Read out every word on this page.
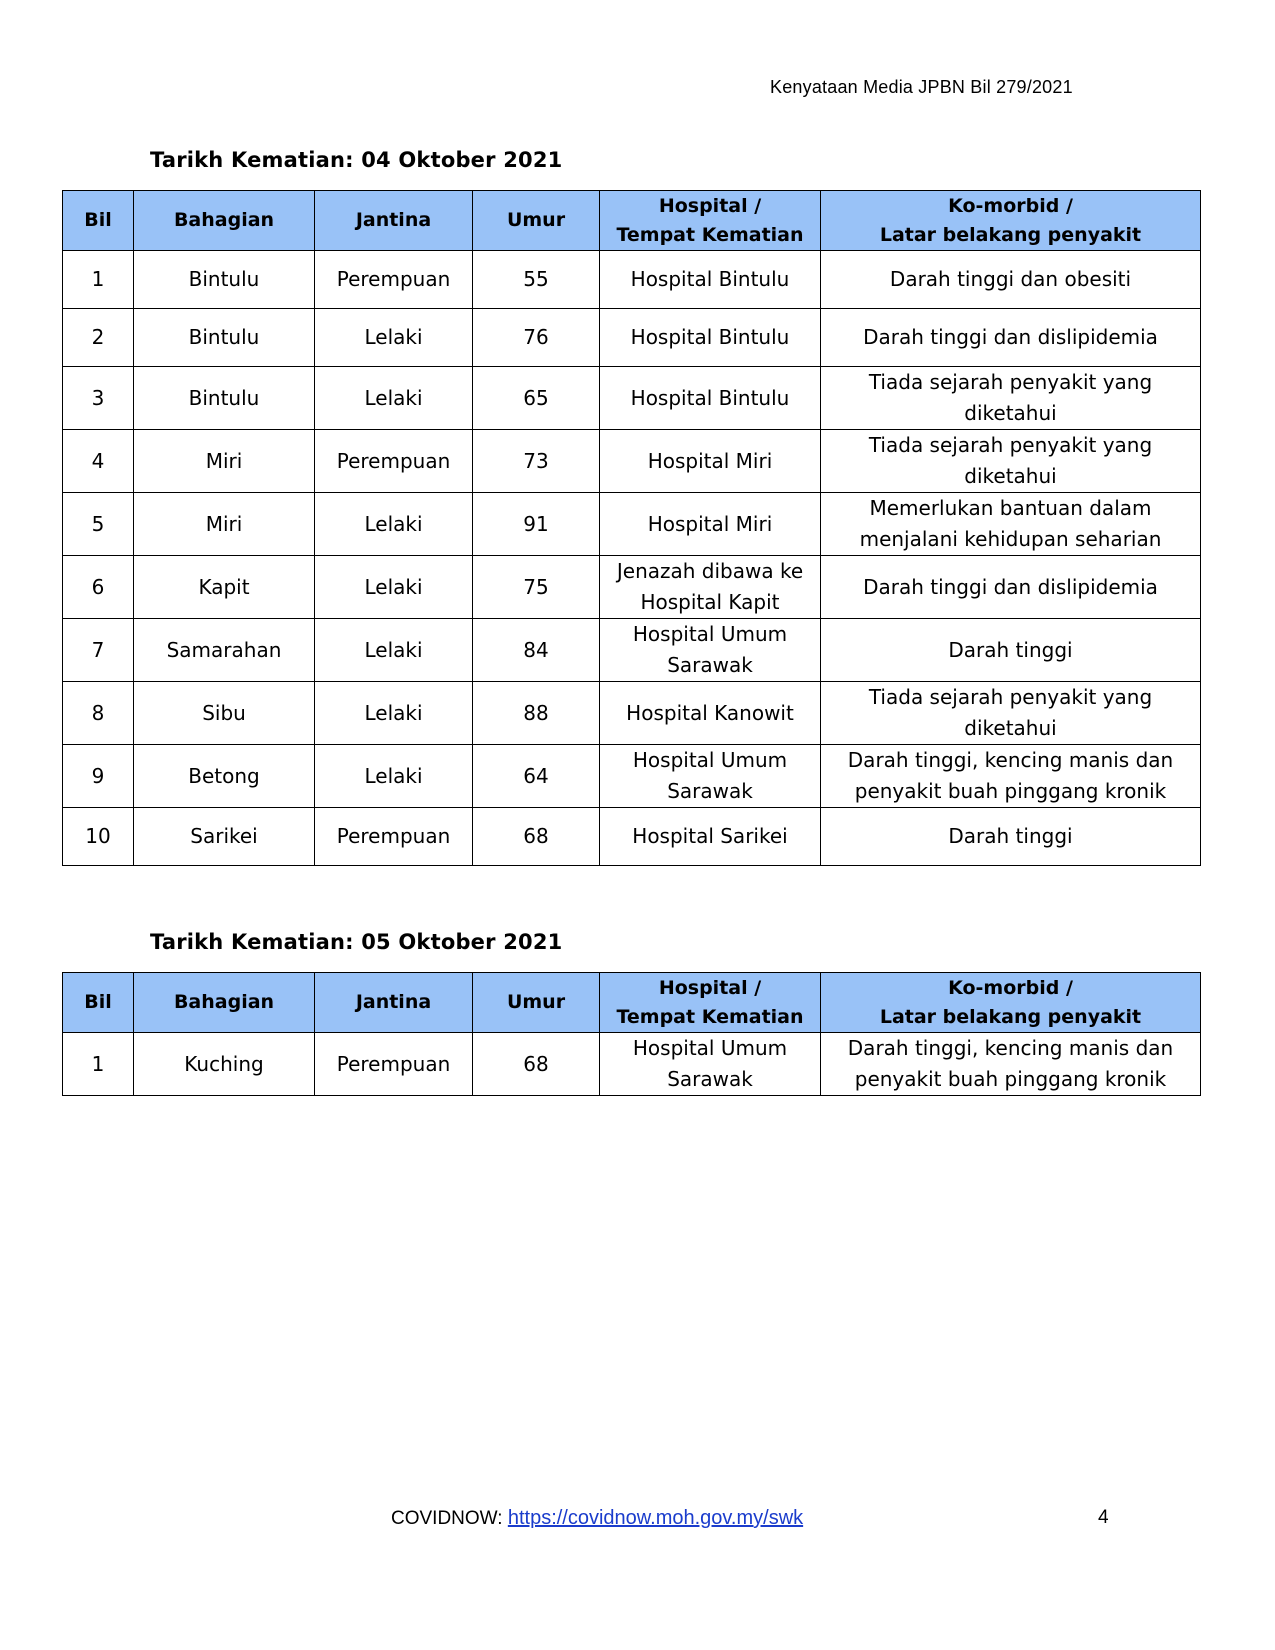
Kenyataan Media JPBN Bil 279/2021
Tarikh Kematian: 04 Oktober 2021
Bil	Bahagian	Jantina	Umur	Hospital /
Tempat Kematian	Ko-morbid /
Latar belakang penyakit
1	Bintulu	Perempuan	55	Hospital Bintulu	Darah tinggi dan obesiti
2	Bintulu	Lelaki	76	Hospital Bintulu	Darah tinggi dan dislipidemia
3	Bintulu	Lelaki	65	Hospital Bintulu	Tiada sejarah penyakit yang
diketahui
4	Miri	Perempuan	73	Hospital Miri	Tiada sejarah penyakit yang
diketahui
5	Miri	Lelaki	91	Hospital Miri	Memerlukan bantuan dalam
menjalani kehidupan seharian
6	Kapit	Lelaki	75	Jenazah dibawa ke
Hospital Kapit	Darah tinggi dan dislipidemia
7	Samarahan	Lelaki	84	Hospital Umum
Sarawak	Darah tinggi
8	Sibu	Lelaki	88	Hospital Kanowit	Tiada sejarah penyakit yang
diketahui
9	Betong	Lelaki	64	Hospital Umum
Sarawak	Darah tinggi, kencing manis dan
penyakit buah pinggang kronik
10	Sarikei	Perempuan	68	Hospital Sarikei	Darah tinggi
Tarikh Kematian: 05 Oktober 2021
Bil	Bahagian	Jantina	Umur	Hospital /
Tempat Kematian	Ko-morbid /
Latar belakang penyakit
1	Kuching	Perempuan	68	Hospital Umum
Sarawak	Darah tinggi, kencing manis dan
penyakit buah pinggang kronik
COVIDNOW: https://covidnow.moh.gov.my/swk	4
